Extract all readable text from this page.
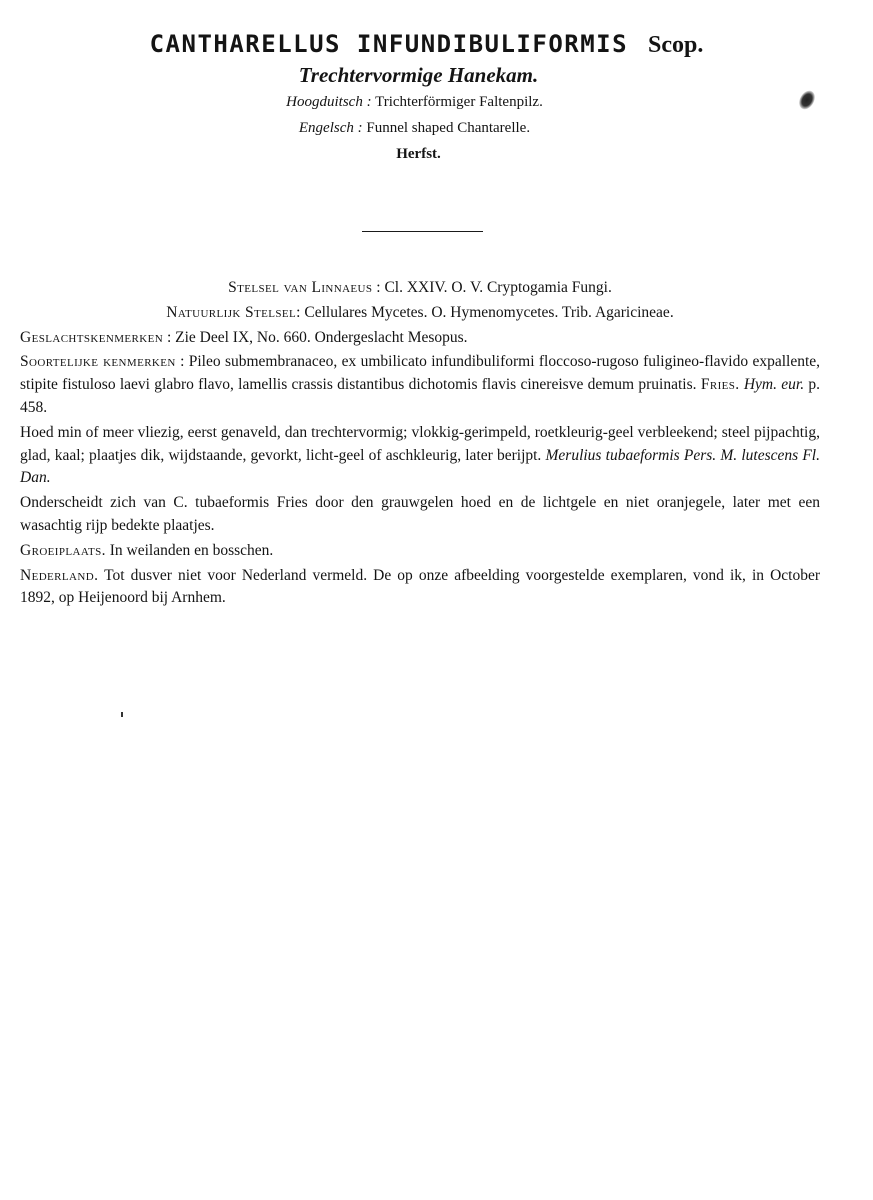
CANTHARELLUS INFUNDIBULIFORMIS Scop.
Trechtervormige Hanekam.
Hoogduitsch : Trichterförmiger Faltenpilz.
Engelsch : Funnel shaped Chantarelle.
Herfst.

Stelsel van Linnaeus : Cl. XXIV. O. V. Cryptogamia Fungi.

Natuurlijk Stelsel: Cellulares Mycetes. O. Hymenomycetes. Trib. Agaricineae.

Geslachtskenmerken : Zie Deel IX, No. 660. Ondergeslacht Mesopus.

Soortelijke kenmerken : Pileo submembranaceo, ex umbilicato infundibuliformi floccoso-rugoso fuligineo-flavido expallente, stipite fistuloso laevi glabro flavo, lamellis crassis distantibus dichotomis flavis cinereisve demum pruinatis. Fries. Hym. eur. p. 458.

Hoed min of meer vliezig, eerst genaveld, dan trechtervormig; vlokkig-gerimpeld, roetkleurig-geel verbleekend; steel pijpachtig, glad, kaal; plaatjes dik, wijdstaande, gevorkt, licht-geel of aschkleurig, later berijpt. Merulius tubaeformis Pers. M. lutescens Fl. Dan.

Onderscheidt zich van C. tubaeformis Fries door den grauwgelen hoed en de lichtgele en niet oranjegele, later met een wasachtig rijp bedekte plaatjes.

Groeiplaats. In weilanden en bosschen.

Nederland. Tot dusver niet voor Nederland vermeld. De op onze afbeelding voorgestelde exemplaren, vond ik, in October 1892, op Heijenoord bij Arnhem.
